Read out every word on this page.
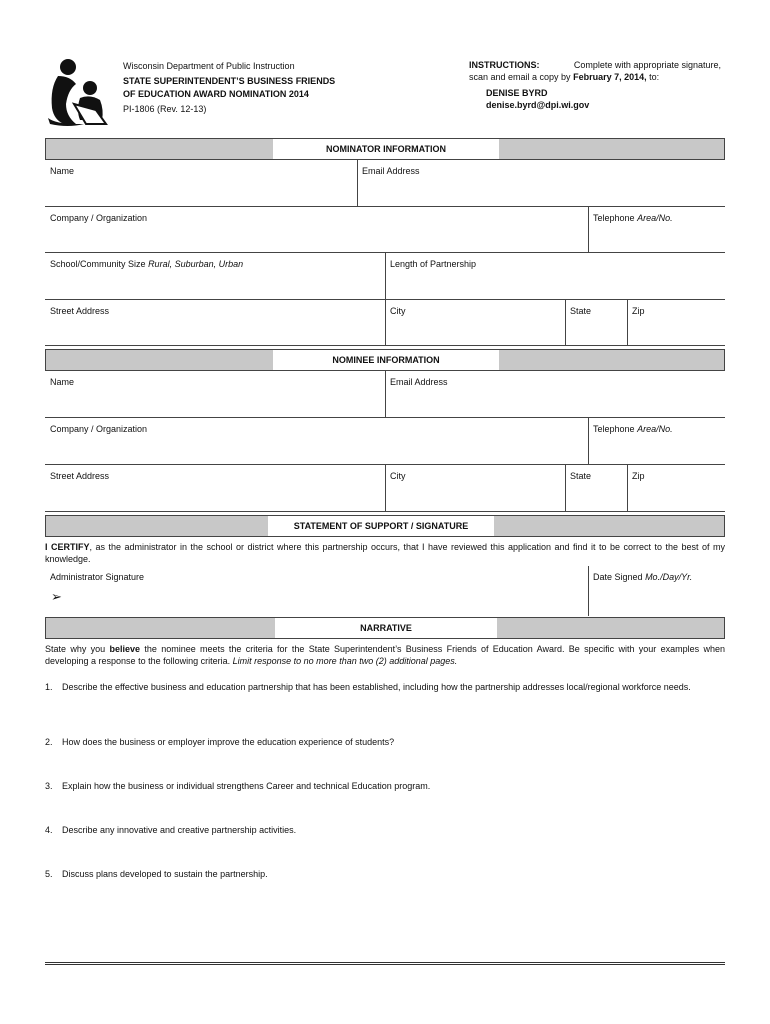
Wisconsin Department of Public Instruction
STATE SUPERINTENDENT’S BUSINESS FRIENDS
OF EDUCATION AWARD NOMINATION 2014
PI-1806 (Rev. 12-13)
INSTRUCTIONS:	Complete with appropriate signature,
scan and email a copy by February 7, 2014, to:
DENISE BYRD
denise.byrd@dpi.wi.gov
NOMINATOR INFORMATION
Name	Email Address
Company / Organization	Telephone Area/No.
School/Community Size Rural, Suburban, Urban	Length of Partnership
Street Address	City	State	Zip
NOMINEE INFORMATION
Name	Email Address
Company / Organization	Telephone Area/No.
Street Address	City	State	Zip
STATEMENT OF SUPPORT / SIGNATURE
I CERTIFY, as the administrator in the school or district where this partnership occurs, that I have reviewed this application and find it to be correct to the best of my knowledge.
Administrator Signature
➢
Date Signed Mo./Day/Yr.
NARRATIVE
State why you believe the nominee meets the criteria for the State Superintendent’s Business Friends of Education Award. Be specific with your examples when developing a response to the following criteria. Limit response to no more than two (2) additional pages.
1. Describe the effective business and education partnership that has been established, including how the partnership addresses local/regional workforce needs.
2. How does the business or employer improve the education experience of students?
3. Explain how the business or individual strengthens Career and technical Education program.
4. Describe any innovative and creative partnership activities.
5. Discuss plans developed to sustain the partnership.
